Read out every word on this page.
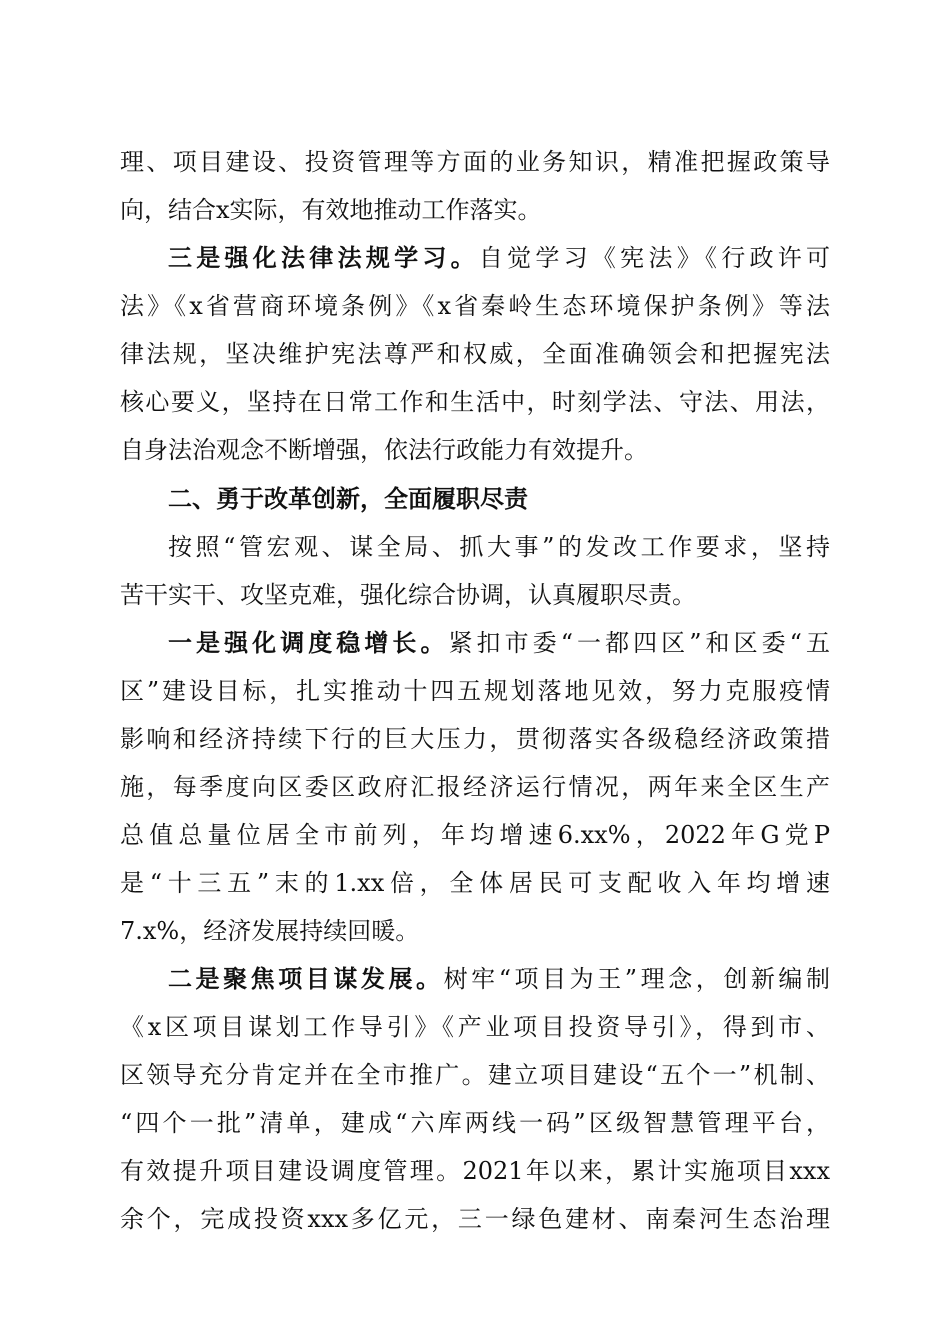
理、项目建设、投资管理等方面的业务知识，精准把握政策导
向，结合x实际，有效地推动工作落实。
三是强化法律法规学习。自觉学习《宪法》《行政许可
法》《x省营商环境条例》《x省秦岭生态环境保护条例》等法
律法规，坚决维护宪法尊严和权威，全面准确领会和把握宪法
核心要义，坚持在日常工作和生活中，时刻学法、守法、用法，
自身法治观念不断增强，依法行政能力有效提升。
二、勇于改革创新，全面履职尽责
按照“管宏观、谋全局、抓大事”的发改工作要求，坚持
苦干实干、攻坚克难，强化综合协调，认真履职尽责。
一是强化调度稳增长。紧扣市委“一都四区”和区委“五
区”建设目标，扎实推动十四五规划落地见效，努力克服疫情
影响和经济持续下行的巨大压力，贯彻落实各级稳经济政策措
施，每季度向区委区政府汇报经济运行情况，两年来全区生产
总值总量位居全市前列，年均增速6.xx%，2022年G党P
是“十三五”末的1.xx倍，全体居民可支配收入年均增速
7.x%，经济发展持续回暖。
二是聚焦项目谋发展。树牢“项目为王”理念，创新编制
《x区项目谋划工作导引》《产业项目投资导引》，得到市、
区领导充分肯定并在全市推广。建立项目建设“五个一”机制、
“四个一批”清单，建成“六库两线一码”区级智慧管理平台，
有效提升项目建设调度管理。2021年以来，累计实施项目xxx
余个，完成投资xxx多亿元，三一绿色建材、南秦河生态治理
